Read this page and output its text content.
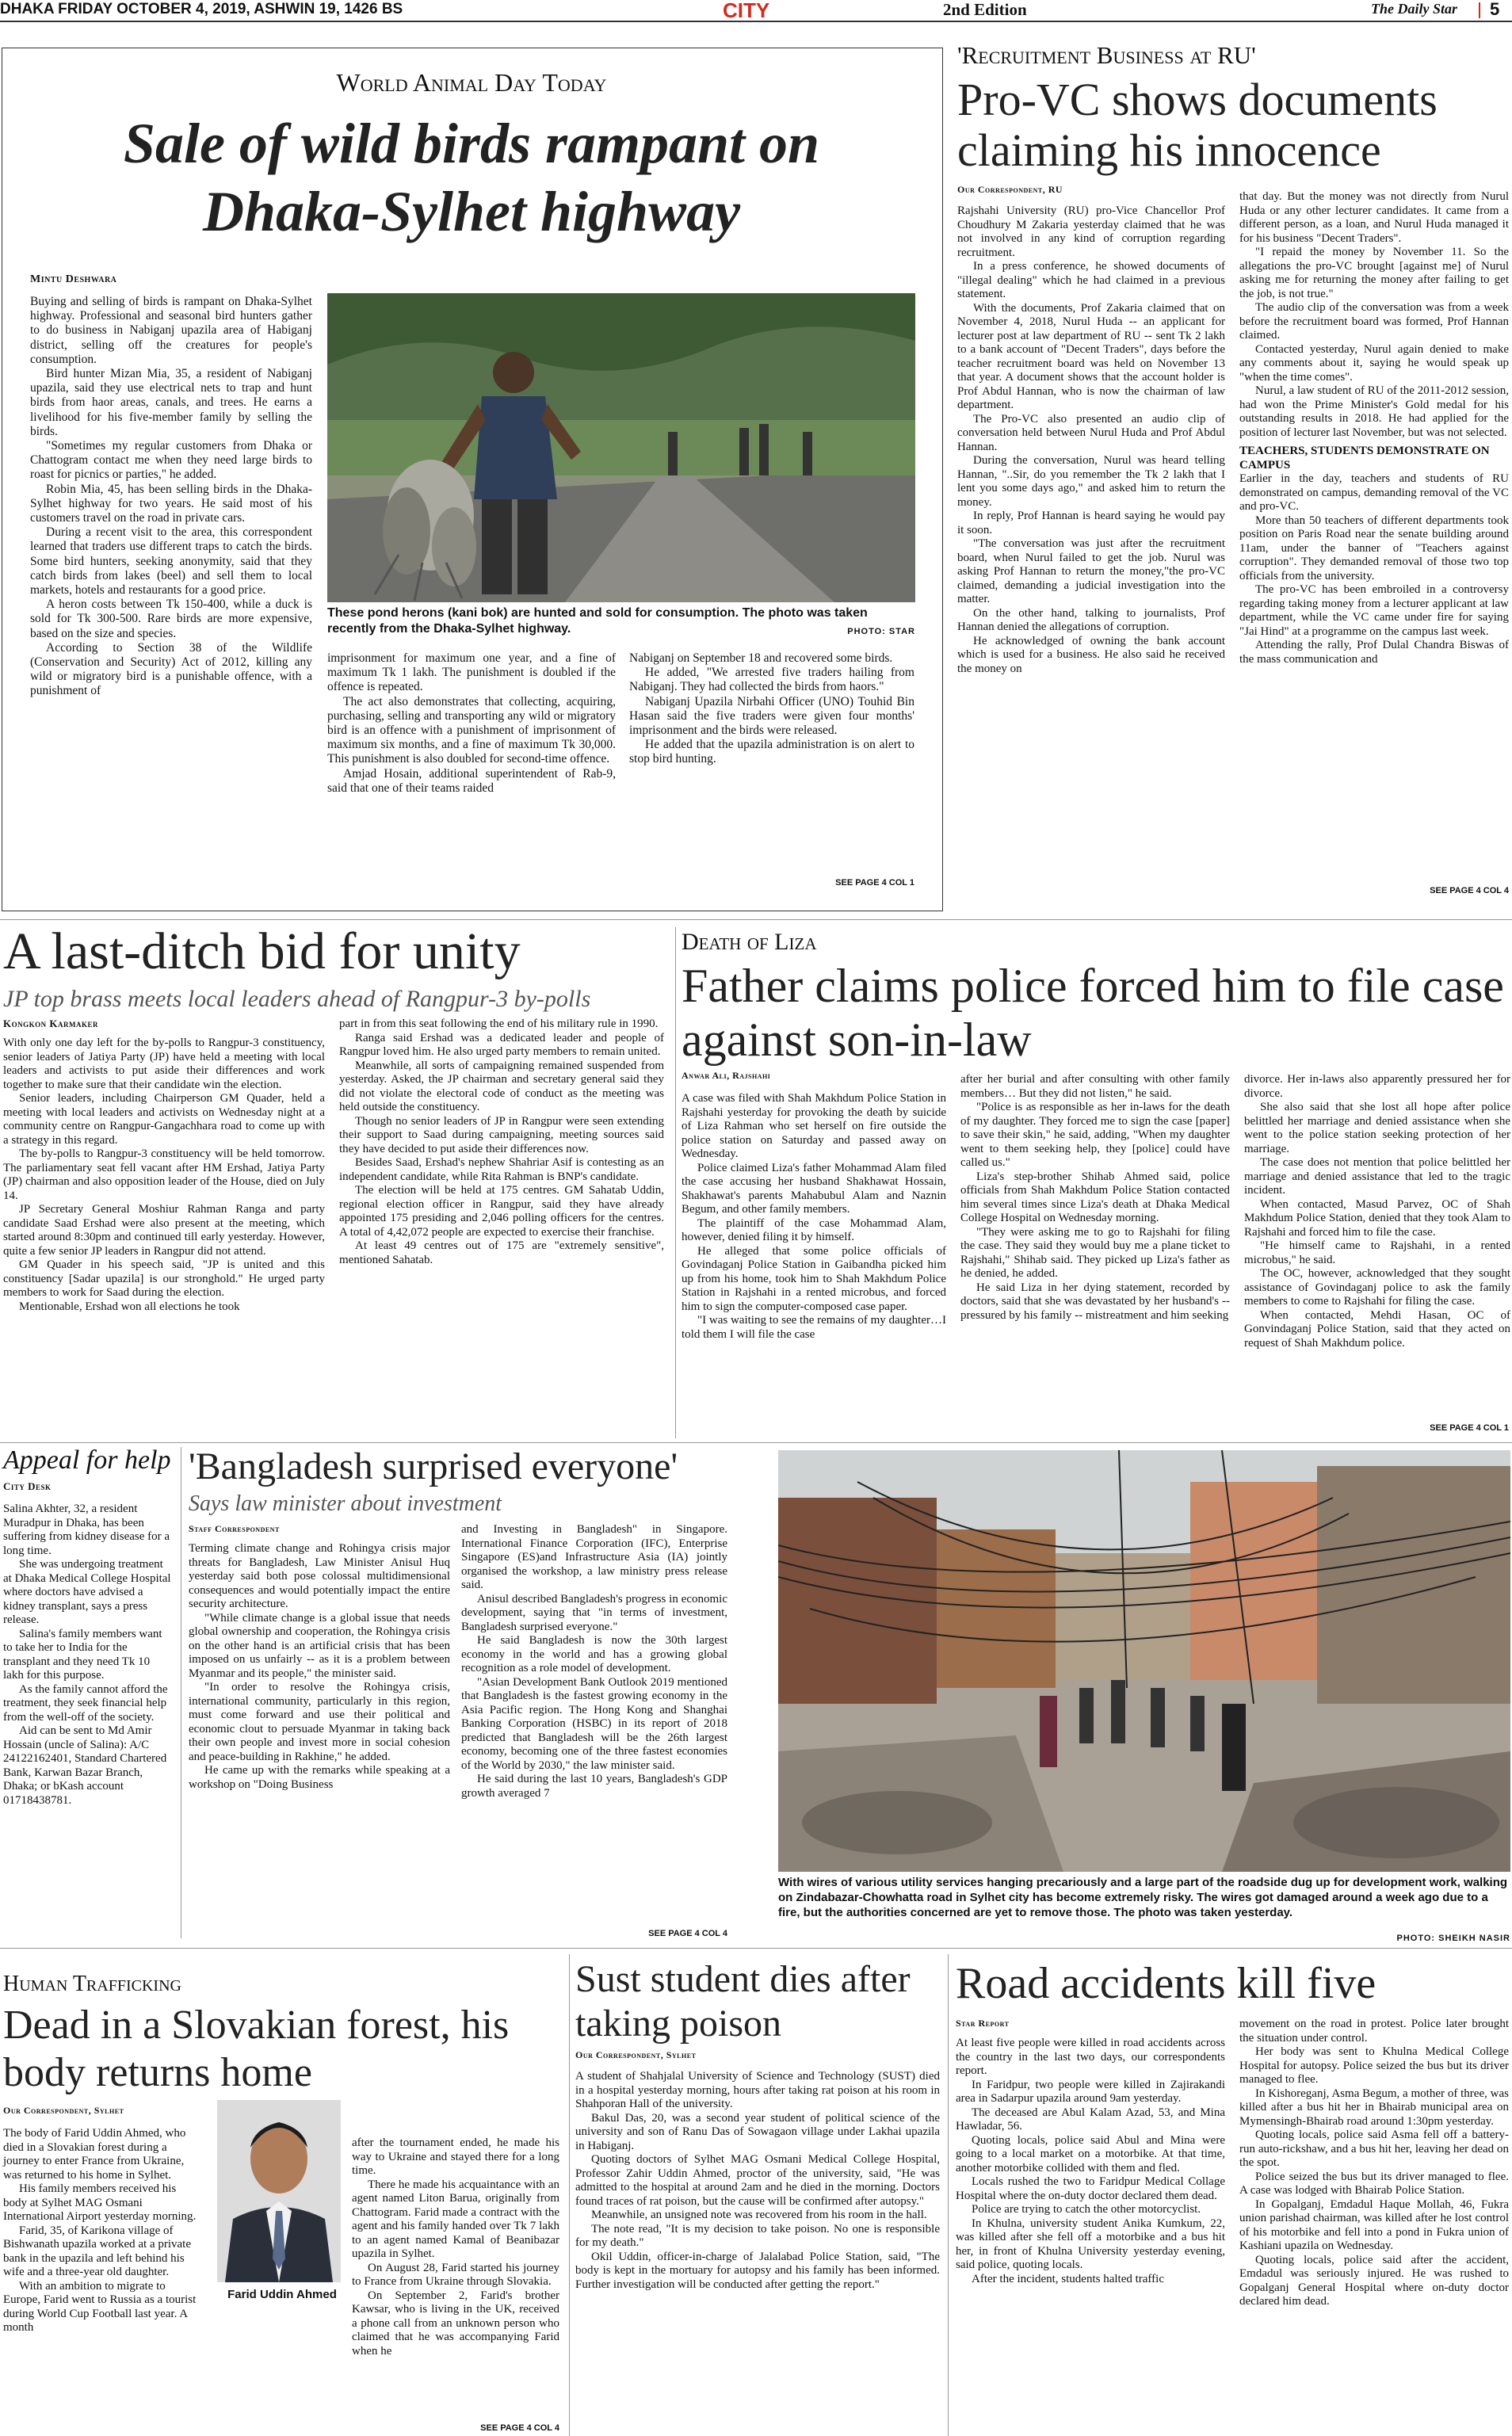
DHAKA FRIDAY OCTOBER 4, 2019, ASHWIN 19, 1426 BS	CITY	2nd Edition	The Daily Star 5
World Animal Day Today
Sale of wild birds rampant on Dhaka-Sylhet highway
Mintu Deshwara

Buying and selling of birds is rampant on Dhaka-Sylhet highway. Professional and seasonal bird hunters gather to do business in Nabiganj upazila area of Habiganj district, selling off the creatures for people's consumption.

Bird hunter Mizan Mia, 35, a resident of Nabiganj upazila, said they use electrical nets to trap and hunt birds from haor areas, canals, and trees. He earns a livelihood for his five-member family by selling the birds.

"Sometimes my regular customers from Dhaka or Chattogram contact me when they need large birds to roast for picnics or parties," he added.

Robin Mia, 45, has been selling birds in the Dhaka-Sylhet highway for two years. He said most of his customers travel on the road in private cars.

During a recent visit to the area, this correspondent learned that traders use different traps to catch the birds. Some bird hunters, seeking anonymity, said that they catch birds from lakes (beel) and sell them to local markets, hotels and restaurants for a good price.

A heron costs between Tk 150-400, while a duck is sold for Tk 300-500. Rare birds are more expensive, based on the size and species.

According to Section 38 of the Wildlife (Conservation and Security) Act of 2012, killing any wild or migratory bird is a punishable offence, with a punishment of

These pond herons (kani bok) are hunted and sold for consumption. The photo was taken recently from the Dhaka-Sylhet highway.	PHOTO: STAR

imprisonment for maximum one year, and a fine of maximum Tk 1 lakh. The punishment is doubled if the offence is repeated.

The act also demonstrates that collecting, acquiring, purchasing, selling and transporting any wild or migratory bird is an offence with a punishment of imprisonment of maximum six months, and a fine of maximum Tk 30,000. This punishment is also doubled for second-time offence.

Amjad Hosain, additional superintendent of Rab-9, said that one of their teams raided

Nabiganj on September 18 and recovered some birds.

He added, "We arrested five traders hailing from Nabiganj. They had collected the birds from haors."

Nabiganj Upazila Nirbahi Officer (UNO) Touhid Bin Hasan said the five traders were given four months' imprisonment and the birds were released.

He added that the upazila administration is on alert to stop bird hunting.

SEE PAGE 4 COL 1
'Recruitment Business at RU'
Pro-VC shows documents claiming his innocence
Our Correspondent, RU

Rajshahi University (RU) pro-Vice Chancellor Prof Choudhury M Zakaria yesterday claimed that he was not involved in any kind of corruption regarding recruitment.

In a press conference, he showed documents of "illegal dealing" which he had claimed in a previous statement.

With the documents, Prof Zakaria claimed that on November 4, 2018, Nurul Huda -- an applicant for lecturer post at law department of RU -- sent Tk 2 lakh to a bank account of "Decent Traders", days before the teacher recruitment board was held on November 13 that year. A document shows that the account holder is Prof Abdul Hannan, who is now the chairman of law department.

The Pro-VC also presented an audio clip of conversation held between Nurul Huda and Prof Abdul Hannan.

During the conversation, Nurul was heard telling Hannan, "..Sir, do you remember the Tk 2 lakh that I lent you some days ago," and asked him to return the money.

In reply, Prof Hannan is heard saying he would pay it soon.

"The conversation was just after the recruitment board, when Nurul failed to get the job. Nurul was asking Prof Hannan to return the money,"the pro-VC claimed, demanding a judicial investigation into the matter.

On the other hand, talking to journalists, Prof Hannan denied the allegations of corruption.

He acknowledged of owning the bank account which is used for a business. He also said he received the money on

that day. But the money was not directly from Nurul Huda or any other lecturer candidates. It came from a different person, as a loan, and Nurul Huda managed it for his business "Decent Traders".

"I repaid the money by November 11. So the allegations the pro-VC brought [against me] of Nurul asking me for returning the money after failing to get the job, is not true."

The audio clip of the conversation was from a week before the recruitment board was formed, Prof Hannan claimed.

Contacted yesterday, Nurul again denied to make any comments about it, saying he would speak up "when the time comes".

Nurul, a law student of RU of the 2011-2012 session, had won the Prime Minister's Gold medal for his outstanding results in 2018. He had applied for the position of lecturer last November, but was not selected.

TEACHERS, STUDENTS DEMONSTRATE ON CAMPUS

Earlier in the day, teachers and students of RU demonstrated on campus, demanding removal of the VC and pro-VC.

More than 50 teachers of different departments took position on Paris Road near the senate building around 11am, under the banner of "Teachers against corruption". They demanded removal of those two top officials from the university.

The pro-VC has been embroiled in a controversy regarding taking money from a lecturer applicant at law department, while the VC came under fire for saying "Jai Hind" at a programme on the campus last week.

Attending the rally, Prof Dulal Chandra Biswas of the mass communication and

SEE PAGE 4 COL 4
A last-ditch bid for unity
JP top brass meets local leaders ahead of Rangpur-3 by-polls
Kongkon Karmaker

With only one day left for the by-polls to Rangpur-3 constituency, senior leaders of Jatiya Party (JP) have held a meeting with local leaders and activists to put aside their differences and work together to make sure that their candidate win the election.

Senior leaders, including Chairperson GM Quader, held a meeting with local leaders and activists on Wednesday night at a community centre on Rangpur-Gangachhara road to come up with a strategy in this regard.

The by-polls to Rangpur-3 constituency will be held tomorrow. The parliamentary seat fell vacant after HM Ershad, Jatiya Party (JP) chairman and also opposition leader of the House, died on July 14.

JP Secretary General Moshiur Rahman Ranga and party candidate Saad Ershad were also present at the meeting, which started around 8:30pm and continued till early yesterday. However, quite a few senior JP leaders in Rangpur did not attend.

GM Quader in his speech said, "JP is united and this constituency [Sadar upazila] is our stronghold." He urged party members to work for Saad during the election.

Mentionable, Ershad won all elections he took

part in from this seat following the end of his military rule in 1990.

Ranga said Ershad was a dedicated leader and people of Rangpur loved him. He also urged party members to remain united.

Meanwhile, all sorts of campaigning remained suspended from yesterday. Asked, the JP chairman and secretary general said they did not violate the electoral code of conduct as the meeting was held outside the constituency.

Though no senior leaders of JP in Rangpur were seen extending their support to Saad during campaigning, meeting sources said they have decided to put aside their differences now.

Besides Saad, Ershad's nephew Shahriar Asif is contesting as an independent candidate, while Rita Rahman is BNP's candidate.

The election will be held at 175 centres. GM Sahatab Uddin, regional election officer in Rangpur, said they have already appointed 175 presiding and 2,046 polling officers for the centres. A total of 4,42,072 people are expected to exercise their franchise.

At least 49 centres out of 175 are "extremely sensitive", mentioned Sahatab.

Death of Liza
Father claims police forced him to file case against son-in-law
Anwar Ali, Rajshahi

A case was filed with Shah Makhdum Police Station in Rajshahi yesterday for provoking the death by suicide of Liza Rahman who set herself on fire outside the police station on Saturday and passed away on Wednesday.

Police claimed Liza's father Mohammad Alam filed the case accusing her husband Shakhawat Hossain, Shakhawat's parents Mahabubul Alam and Naznin Begum, and other family members.

The plaintiff of the case Mohammad Alam, however, denied filing it by himself.

He alleged that some police officials of Govindaganj Police Station in Gaibandha picked him up from his home, took him to Shah Makhdum Police Station in Rajshahi in a rented microbus, and forced him to sign the computer-composed case paper.

"I was waiting to see the remains of my daughter…I told them I will file the case

after her burial and after consulting with other family members… But they did not listen," he said.

"Police is as responsible as her in-laws for the death of my daughter. They forced me to sign the case [paper] to save their skin," he said, adding, "When my daughter went to them seeking help, they [police] could have called us."

Liza's step-brother Shihab Ahmed said, police officials from Shah Makhdum Police Station contacted him several times since Liza's death at Dhaka Medical College Hospital on Wednesday morning.

"They were asking me to go to Rajshahi for filing the case. They said they would buy me a plane ticket to Rajshahi," Shihab said. They picked up Liza's father as he denied, he added.

He said Liza in her dying statement, recorded by doctors, said that she was devastated by her husband's -- pressured by his family -- mistreatment and him seeking

divorce. Her in-laws also apparently pressured her for divorce.

She also said that she lost all hope after police belittled her marriage and denied assistance when she went to the police station seeking protection of her marriage.

The case does not mention that police belittled her marriage and denied assistance that led to the tragic incident.

When contacted, Masud Parvez, OC of Shah Makhdum Police Station, denied that they took Alam to Rajshahi and forced him to file the case.

"He himself came to Rajshahi, in a rented microbus," he said.

The OC, however, acknowledged that they sought assistance of Govindaganj police to ask the family members to come to Rajshahi for filing the case.

When contacted, Mehdi Hasan, OC of Gonvindaganj Police Station, said that they acted on request of Shah Makhdum police.

SEE PAGE 4 COL 1
Appeal for help
City Desk

Salina Akhter, 32, a resident Muradpur in Dhaka, has been suffering from kidney disease for a long time.

She was undergoing treatment at Dhaka Medical College Hospital where doctors have advised a kidney transplant, says a press release.

Salina's family members want to take her to India for the transplant and they need Tk 10 lakh for this purpose.

As the family cannot afford the treatment, they seek financial help from the well-off of the society.

Aid can be sent to Md Amir Hossain (uncle of Salina): A/C 24122162401, Standard Chartered Bank, Karwan Bazar Branch, Dhaka; or bKash account 01718438781.

'Bangladesh surprised everyone'
Says law minister about investment
Staff Correspondent

Terming climate change and Rohingya crisis major threats for Bangladesh, Law Minister Anisul Huq yesterday said both pose colossal multidimensional consequences and would potentially impact the entire security architecture.

"While climate change is a global issue that needs global ownership and cooperation, the Rohingya crisis on the other hand is an artificial crisis that has been imposed on us unfairly -- as it is a problem between Myanmar and its people," the minister said.

"In order to resolve the Rohingya crisis, international community, particularly in this region, must come forward and use their political and economic clout to persuade Myanmar in taking back their own people and invest more in social cohesion and peace-building in Rakhine," he added.

He came up with the remarks while speaking at a workshop on "Doing Business

and Investing in Bangladesh" in Singapore. International Finance Corporation (IFC), Enterprise Singapore (ES)and Infrastructure Asia (IA) jointly organised the workshop, a law ministry press release said.

Anisul described Bangladesh's progress in economic development, saying that "in terms of investment, Bangladesh surprised everyone."

He said Bangladesh is now the 30th largest economy in the world and has a growing global recognition as a role model of development.

"Asian Development Bank Outlook 2019 mentioned that Bangladesh is the fastest growing economy in the Asia Pacific region. The Hong Kong and Shanghai Banking Corporation (HSBC) in its report of 2018 predicted that Bangladesh will be the 26th largest economy, becoming one of the three fastest economies of the World by 2030," the law minister said.

He said during the last 10 years, Bangladesh's GDP growth averaged 7

SEE PAGE 4 COL 4
With wires of various utility services hanging precariously and a large part of the roadside dug up for development work, walking on Zindabazar-Chowhatta road in Sylhet city has become extremely risky. The wires got damaged around a week ago due to a fire, but the authorities concerned are yet to remove those. The photo was taken yesterday.
PHOTO: SHEIKH NASIR
Human Trafficking
Dead in a Slovakian forest, his body returns home
Our Correspondent, Sylhet

The body of Farid Uddin Ahmed, who died in a Slovakian forest during a journey to enter France from Ukraine, was returned to his home in Sylhet.

His family members received his body at Sylhet MAG Osmani International Airport yesterday morning.

Farid, 35, of Karikona village of Bishwanath upazila worked at a private bank in the upazila and left behind his wife and a three-year old daughter.

With an ambition to migrate to Europe, Farid went to Russia as a tourist during World Cup Football last year. A month

Farid Uddin Ahmed

after the tournament ended, he made his way to Ukraine and stayed there for a long time.

There he made his acquaintance with an agent named Liton Barua, originally from Chattogram. Farid made a contract with the agent and his family handed over Tk 7 lakh to an agent named Kamal of Beanibazar upazila in Sylhet.

On August 28, Farid started his journey to France from Ukraine through Slovakia.

On September 2, Farid's brother Kawsar, who is living in the UK, received a phone call from an unknown person who claimed that he was accompanying Farid when he

SEE PAGE 4 COL 4
Sust student dies after taking poison
Our Correspondent, Sylhet

A student of Shahjalal University of Science and Technology (SUST) died in a hospital yesterday morning, hours after taking rat poison at his room in Shahporan Hall of the university.

Bakul Das, 20, was a second year student of political science of the university and son of Ranu Das of Sowagaon village under Lakhai upazila in Habiganj.

Quoting doctors of Sylhet MAG Osmani Medical College Hospital, Professor Zahir Uddin Ahmed, proctor of the university, said, "He was admitted to the hospital at around 2am and he died in the morning. Doctors found traces of rat poison, but the cause will be confirmed after autopsy."

Meanwhile, an unsigned note was recovered from his room in the hall.

The note read, "It is my decision to take poison. No one is responsible for my death."

Okil Uddin, officer-in-charge of Jalalabad Police Station, said, "The body is kept in the mortuary for autopsy and his family has been informed. Further investigation will be conducted after getting the report."

Road accidents kill five
Star Report

At least five people were killed in road accidents across the country in the last two days, our correspondents report.

In Faridpur, two people were killed in Zajirakandi area in Sadarpur upazila around 9am yesterday.

The deceased are Abul Kalam Azad, 53, and Mina Hawladar, 56.

Quoting locals, police said Abul and Mina were going to a local market on a motorbike. At that time, another motorbike collided with them and fled.

Locals rushed the two to Faridpur Medical Collage Hospital where the on-duty doctor declared them dead.

Police are trying to catch the other motorcyclist.

In Khulna, university student Anika Kumkum, 22, was killed after she fell off a motorbike and a bus hit her, in front of Khulna University yesterday evening, said police, quoting locals.

After the incident, students halted traffic

movement on the road in protest. Police later brought the situation under control.

Her body was sent to Khulna Medical College Hospital for autopsy. Police seized the bus but its driver managed to flee.

In Kishoreganj, Asma Begum, a mother of three, was killed after a bus hit her in Bhairab municipal area on Mymensingh-Bhairab road around 1:30pm yesterday.

Quoting locals, police said Asma fell off a battery-run auto-rickshaw, and a bus hit her, leaving her dead on the spot.

Police seized the bus but its driver managed to flee. A case was lodged with Bhairab Police Station.

In Gopalganj, Emdadul Haque Mollah, 46, Fukra union parishad chairman, was killed after he lost control of his motorbike and fell into a pond in Fukra union of Kashiani upazila on Wednesday.

Quoting locals, police said after the accident, Emdadul was seriously injured. He was rushed to Gopalganj General Hospital where on-duty doctor declared him dead.
